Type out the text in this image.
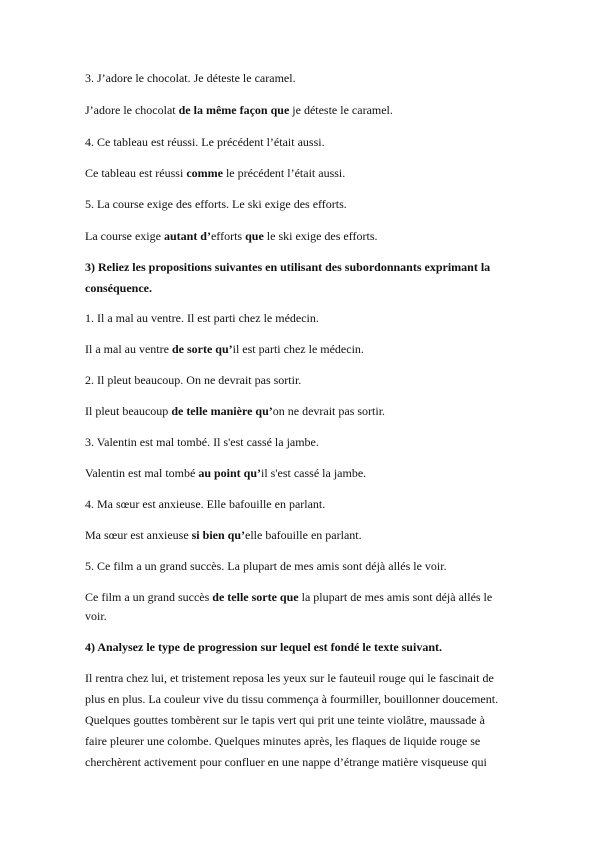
3. J’adore le chocolat. Je déteste le caramel.
J’adore le chocolat de la même façon que je déteste le caramel.
4. Ce tableau est réussi. Le précédent l’était aussi.
Ce tableau est réussi comme le précédent l’était aussi.
5. La course exige des efforts. Le ski exige des efforts.
La course exige autant d’efforts que le ski exige des efforts.
3) Reliez les propositions suivantes en utilisant des subordonnants exprimant la
conséquence.
1. Il a mal au ventre. Il est parti chez le médecin.
Il a mal au ventre de sorte qu’il est parti chez le médecin.
2. Il pleut beaucoup. On ne devrait pas sortir.
Il pleut beaucoup de telle manière qu’on ne devrait pas sortir.
3. Valentin est mal tombé. Il s'est cassé la jambe.
Valentin est mal tombé au point qu’il s'est cassé la jambe.
4. Ma sœur est anxieuse. Elle bafouille en parlant.
Ma sœur est anxieuse si bien qu’elle bafouille en parlant.
5. Ce film a un grand succès. La plupart de mes amis sont déjà allés le voir.
Ce film a un grand succès de telle sorte que la plupart de mes amis sont déjà allés le
voir.
4) Analysez le type de progression sur lequel est fondé le texte suivant.
Il rentra chez lui, et tristement reposa les yeux sur le fauteuil rouge qui le fascinait de plus en plus. La couleur vive du tissu commença à fourmiller, bouillonner doucement. Quelques gouttes tombèrent sur le tapis vert qui prit une teinte violâtre, maussade à faire pleurer une colombe. Quelques minutes après, les flaques de liquide rouge se cherchèrent activement pour confluer en une nappe d’étrange matière visqueuse qui
